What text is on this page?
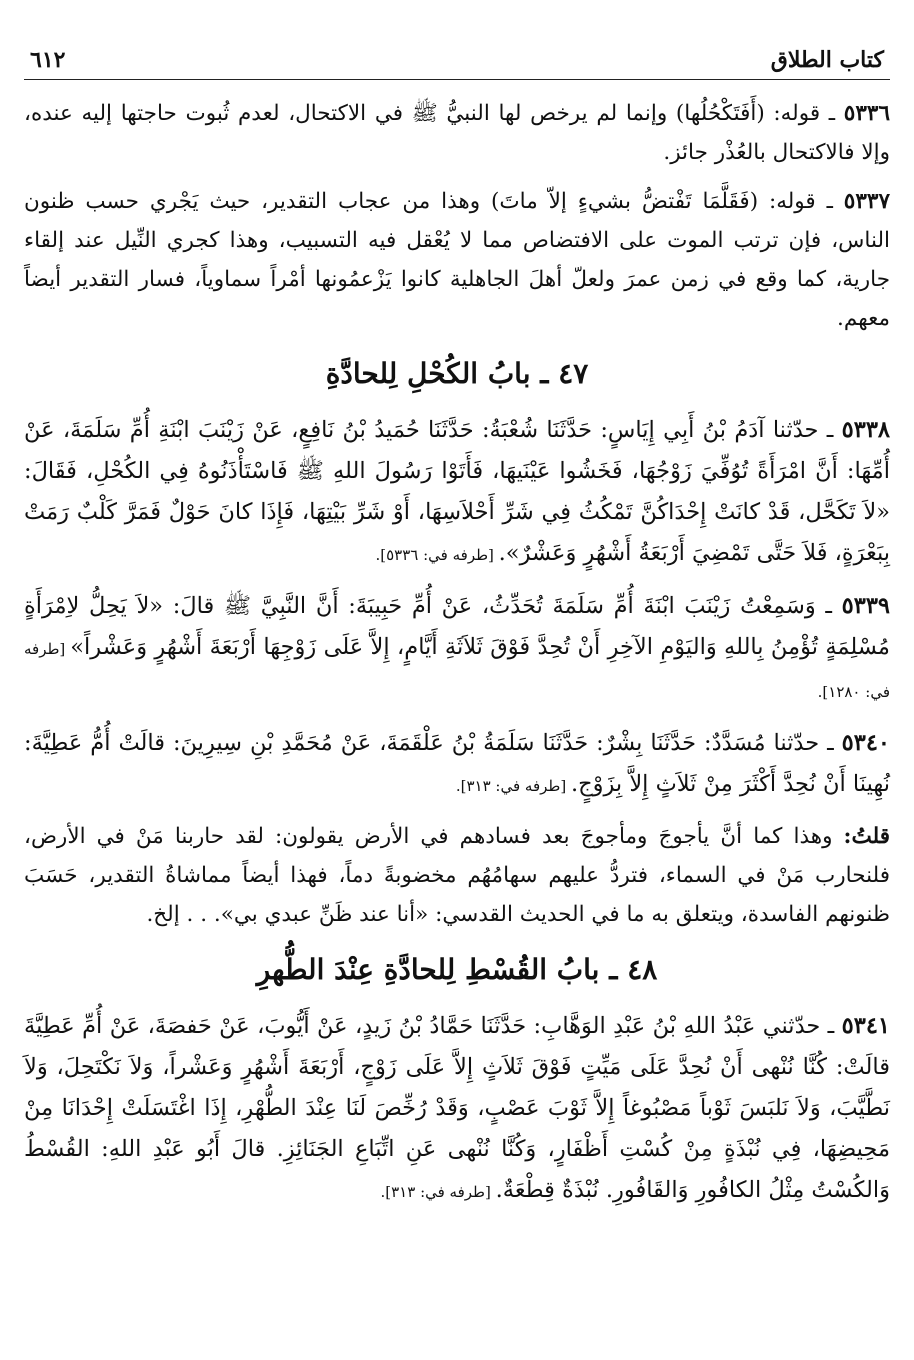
كتاب الطلاق
٦١٢

٥٣٣٦ ـ قوله: (أَفَتَكْحُلُها) وإنما لم يرخص لها النبيُّ ﷺ في الاكتحال، لعدم ثُبوت حاجتها إليه عنده، وإلا فالاكتحال بالعُذْر جائز.

٥٣٣٧ ـ قوله: (فَقَلَّمَا تَفْتضُّ بشيءٍ إلاّ ماتَ) وهذا من عجاب التقدير، حيث يَجْري حسب ظنون الناس، فإن ترتب الموت على الافتضاص مما لا يُعْقل فيه التسبيب، وهذا كجري النِّيل عند إلقاء جارية، كما وقع في زمن عمرَ ولعلّ أهلَ الجاهلية كانوا يَزْعمُونها أمْراً سماوياً، فسار التقدير أيضاً معهم.

٤٧ ـ بابُ الكُحْلِ لِلحادَّةِ

٥٣٣٨ ـ حدّثنا آدَمُ بْنُ أَبِي إِيَاسٍ: حَدَّثَنَا شُعْبَةُ: حَدَّثَنَا حُمَيدُ بْنُ نَافِعٍ، عَنْ زَيْنَبَ ابْنَةِ أُمِّ سَلَمَةَ، عَنْ أُمِّهَا: أَنَّ امْرَأَةً تُوُفِّيَ زَوْجُهَا، فَخَشُوا عَيْنَيهَا، فَأَتَوْا رَسُولَ اللهِ ﷺ فَاسْتَأْذَنُوهُ فِي الكُحْلِ، فَقَالَ: «لاَ تَكَحَّل، قَدْ كانَتْ إِحْدَاكُنَّ تَمْكُثُ فِي شَرِّ أَحْلاَسِهَا، أَوْ شَرِّ بَيْتِهَا، فَإِذَا كانَ حَوْلٌ فَمَرَّ كَلْبٌ رَمَتْ بِبَعْرَةٍ، فَلاَ حَتَّى تَمْضِيَ أَرْبَعَةُ أَشْهُرٍ وَعَشْرٌ». [طرفه في: ٥٣٣٦].

٥٣٣٩ ـ وَسَمِعْتُ زَيْنَبَ ابْنَةَ أُمِّ سَلَمَةَ تُحَدِّثُ، عَنْ أُمِّ حَبِيبَةَ: أَنَّ النَّبِيَّ ﷺ قالَ: «لاَ يَحِلُّ لاِمْرَأَةٍ مُسْلِمَةٍ تُؤْمِنُ بِاللهِ وَاليَوْمِ الآخِرِ أَنْ تُحِدَّ فَوْقَ ثَلاَثَةِ أَيَّامٍ، إِلاَّ عَلَى زَوْجِهَا أَرْبَعَةَ أَشْهُرٍ وَعَشْراً» [طرفه في: ١٢٨٠].

٥٣٤٠ ـ حدّثنا مُسَدَّدٌ: حَدَّثَنَا بِشْرٌ: حَدَّثَنَا سَلَمَةُ بْنُ عَلْقَمَةَ، عَنْ مُحَمَّدِ بْنِ سِيرِينَ: قالَتْ أُمُّ عَطِيَّةَ: نُهِينَا أَنْ نُحِدَّ أَكْثَرَ مِنْ ثَلاَثٍ إِلاَّ بِزَوْجٍ. [طرفه في: ٣١٣].

قلتُ: وهذا كما أنَّ يأجوجَ ومأجوجَ بعد فسادهم في الأرض يقولون: لقد حاربنا مَنْ في الأرض، فلنحارب مَنْ في السماء، فتردُّ عليهم سهامُهُم مخضوبةً دماً، فهذا أيضاً مماشاةُ التقدير، حَسَبَ ظنونهم الفاسدة، ويتعلق به ما في الحديث القدسي: «أنا عند ظَنِّ عبدي بي». . . إلخ.

٤٨ ـ بابُ القُسْطِ لِلحادَّةِ عِنْدَ الطُّهرِ

٥٣٤١ ـ حدّثني عَبْدُ اللهِ بْنُ عَبْدِ الوَهَّابِ: حَدَّثَنَا حَمَّادُ بْنُ زَيدٍ، عَنْ أَيُّوبَ، عَنْ حَفصَةَ، عَنْ أُمِّ عَطِيَّةَ قالَتْ: كُنَّا نُنْهى أَنْ نُحِدَّ عَلَى مَيِّتٍ فَوْقَ ثَلاَثٍ إِلاَّ عَلَى زَوْجٍ، أَرْبَعَةَ أَشْهُرٍ وَعَشْراً، وَلاَ نَكْتَحِلَ، وَلاَ نَطَّيَّبَ، وَلاَ نَلبَسَ ثَوْباً مَصْبُوغاً إِلاَّ ثَوْبَ عَصْبٍ، وَقَدْ رُخِّصَ لَنَا عِنْدَ الطُّهْرِ، إِذَا اغْتَسَلَتْ إِحْدَانَا مِنْ مَحِيضِهَا، فِي نُبْذَةٍ مِنْ كُسْتِ أَظْفَارٍ، وَكُنَّا نُنْهى عَنِ اتِّبَاعِ الجَنَائِزِ. قالَ أَبُو عَبْدِ اللهِ: القُسْطُ وَالكُسْتُ مِثْلُ الكافُورِ وَالقَافُورِ. نُبْذَةٌ قِطْعَةٌ. [طرفه في: ٣١٣].
